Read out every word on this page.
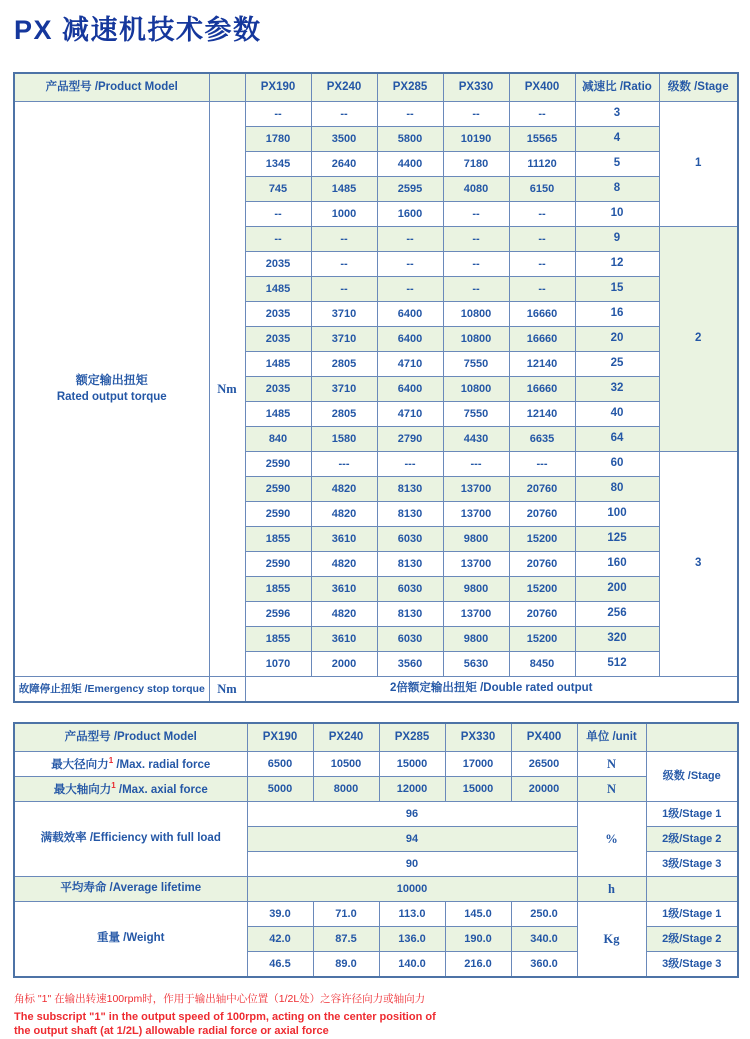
PX 减速机技术参数
产品型号 /Product Model		PX190	PX240	PX285	PX330	PX400	减速比 /Ratio	级数 /Stage

额定输出扭矩
Rated output torque	Nm	--	--	--	--	--	3	1
		1780	3500	5800	10190	15565	4	
		1345	2640	4400	7180	11120	5	
		745	1485	2595	4080	6150	8	
		--	1000	1600	--	--	10	
		--	--	--	--	--	9	2
		2035	--	--	--	--	12	
		1485	--	--	--	--	15	
		2035	3710	6400	10800	16660	16	
		2035	3710	6400	10800	16660	20	
		1485	2805	4710	7550	12140	25	
		2035	3710	6400	10800	16660	32	
		1485	2805	4710	7550	12140	40	
		840	1580	2790	4430	6635	64	
		2590	---	---	---	---	60	3
		2590	4820	8130	13700	20760	80	
		2590	4820	8130	13700	20760	100	
		1855	3610	6030	9800	15200	125	
		2590	4820	8130	13700	20760	160	
		1855	3610	6030	9800	15200	200	
		2596	4820	8130	13700	20760	256	
		1855	3610	6030	9800	15200	320	
		1070	2000	3560	5630	8450	512	
故障停止扭矩 /Emergency stop torque	Nm	2倍额定输出扭矩 /Double rated output						
产品型号 /Product Model	PX190	PX240	PX285	PX330	PX400	单位 /unit	
最大径向力$^1$ /Max. radial force	6500	10500	15000	17000	26500	N	级数 /Stage
最大轴向力$^1$ /Max. axial force	5000	8000	12000	15000	20000	N	
满载效率 /Efficiency with full load	96					%	1级/Stage 1
	94						2级/Stage 2
	90						3级/Stage 3
平均寿命 /Average lifetime	10000					h	
重量 /Weight	39.0	71.0	113.0	145.0	250.0	Kg	1级/Stage 1
	42.0	87.5	136.0	190.0	340.0		2级/Stage 2
	46.5	89.0	140.0	216.0	360.0		3级/Stage 3
角标 "1" 在输出转速100rpm时，作用于输出轴中心位置（1/2L处）之容许径向力或轴向力
The subscript "1" in the output speed of 100rpm, acting on the center position of
the output shaft (at 1/2L) allowable radial force or axial force
